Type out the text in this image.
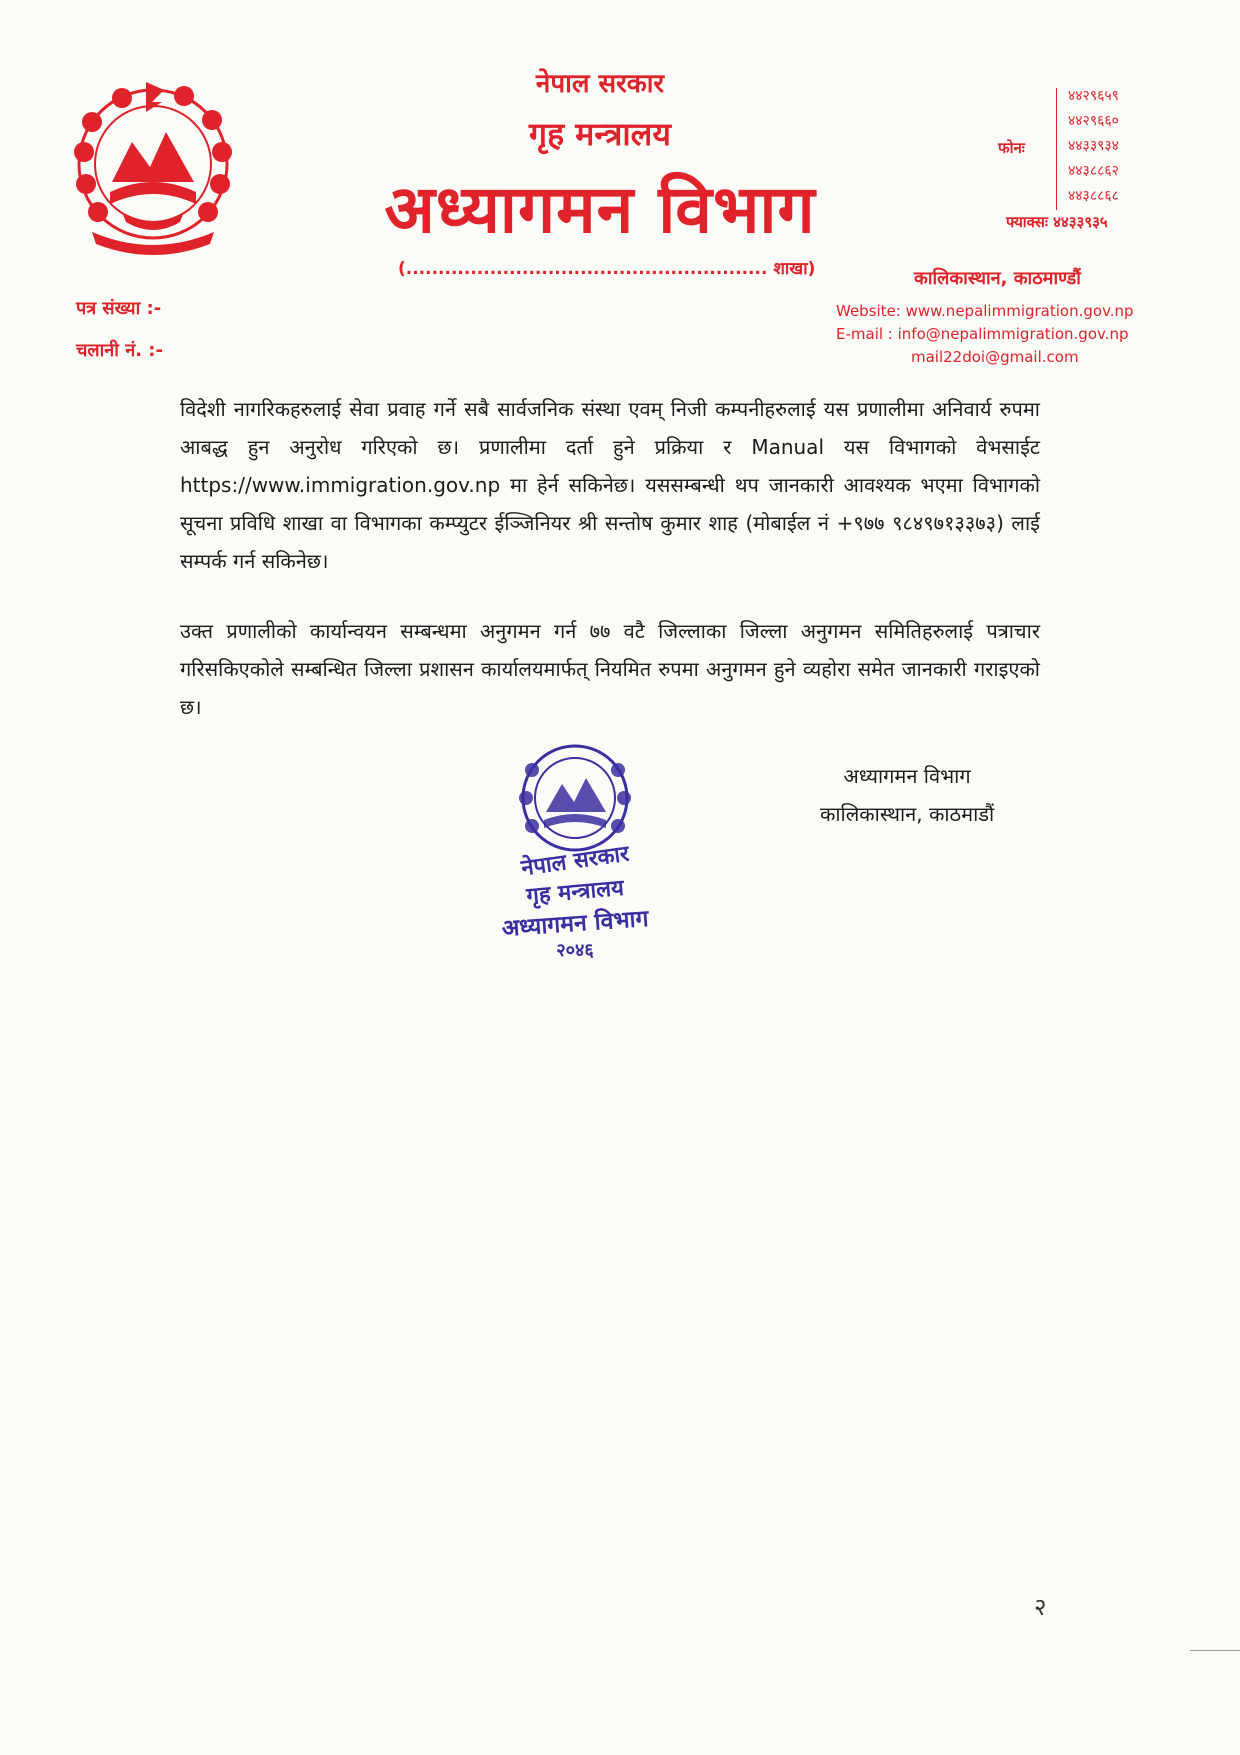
नेपाल सरकार
गृह मन्त्रालय
अध्यागमन विभाग
(........................................................ शाखा)
फोनः
४४२९६५९
४४२९६६०
४४३३९३४
४४३८८६२
४४३८८६८
फ्याक्सः ४४३३९३५
कालिकास्थान, काठमाण्डौं
Website: www.nepalimmigration.gov.np
E-mail : info@nepalimmigration.gov.np
mail22doi@gmail.com
पत्र संख्या :-
चलानी नं. :-

विदेशी नागरिकहरुलाई सेवा प्रवाह गर्ने सबै सार्वजनिक संस्था एवम् निजी कम्पनीहरुलाई यस प्रणालीमा अनिवार्य रुपमा आबद्ध हुन अनुरोध गरिएको छ। प्रणालीमा दर्ता हुने प्रक्रिया र Manual यस विभागको वेभसाईट https://www.immigration.gov.np मा हेर्न सकिनेछ। यससम्बन्धी थप जानकारी आवश्यक भएमा विभागको सूचना प्रविधि शाखा वा विभागका कम्प्युटर ईञ्जिनियर श्री सन्तोष कुमार शाह (मोबाईल नं +९७७ ९८४९७१३३७३) लाई सम्पर्क गर्न सकिनेछ।

उक्त प्रणालीको कार्यान्वयन सम्बन्धमा अनुगमन गर्न ७७ वटै जिल्लाका जिल्ला अनुगमन समितिहरुलाई पत्राचार गरिसकिएकोले सम्बन्धित जिल्ला प्रशासन कार्यालयमार्फत् नियमित रुपमा अनुगमन हुने व्यहोरा समेत जानकारी गराइएको छ।

अध्यागमन विभाग
कालिकास्थान, काठमाडौं
नेपाल सरकार
गृह मन्त्रालय
अध्यागमन विभाग
२०४६
२
